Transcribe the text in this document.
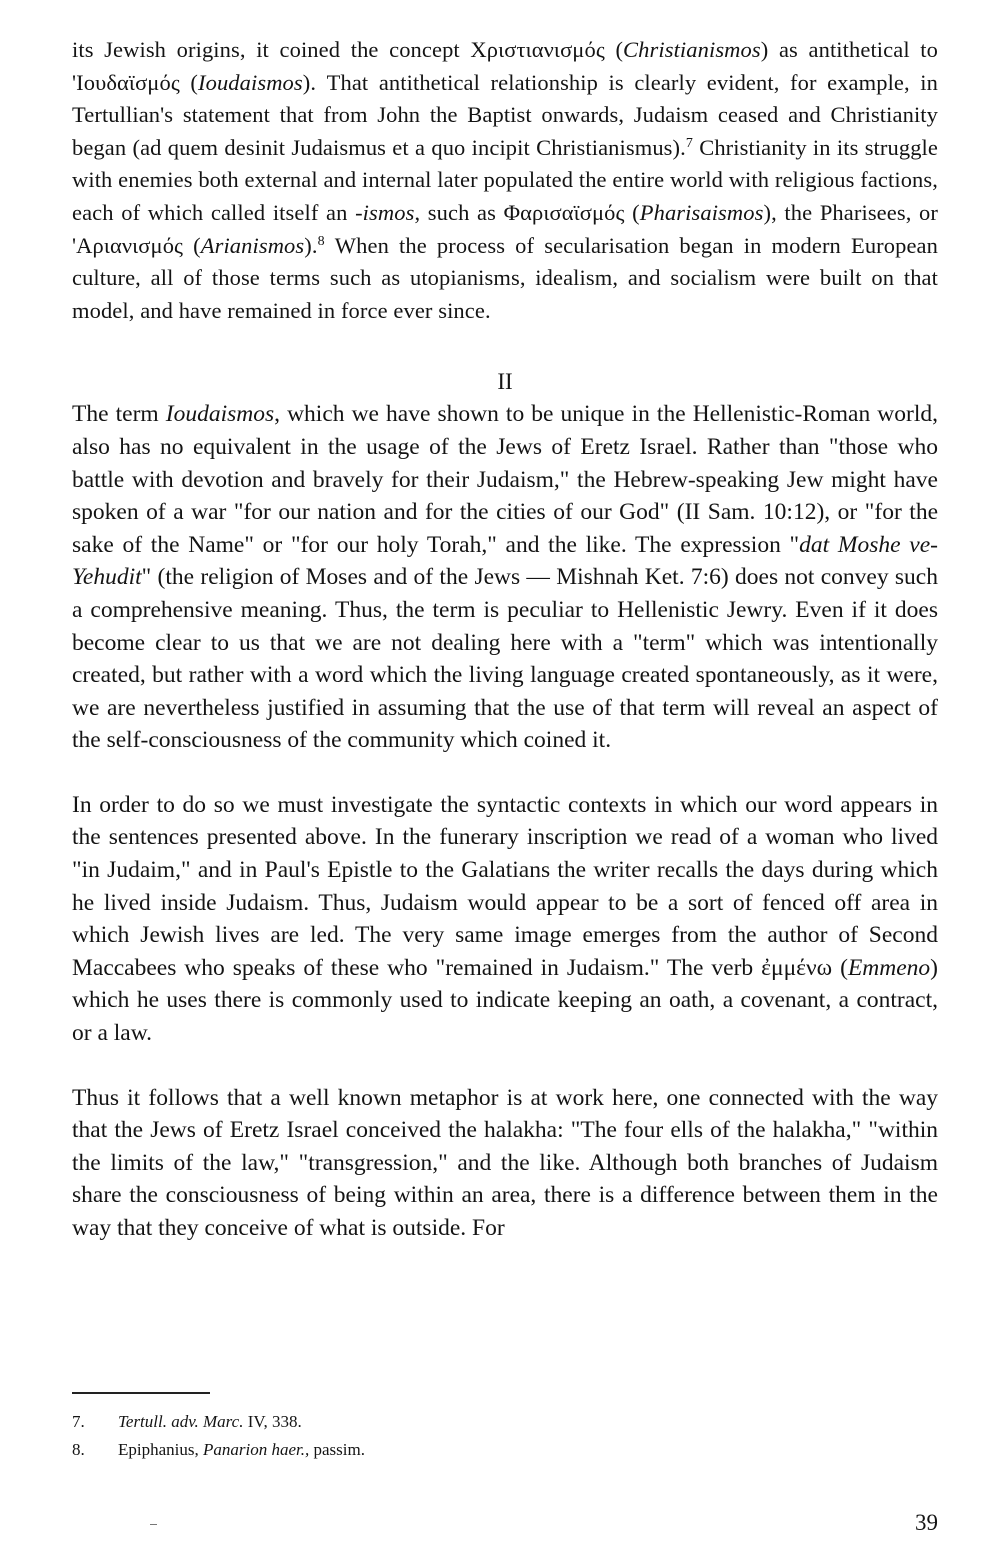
its Jewish origins, it coined the concept Χριστιανισμός (Christianismos) as antithetical to 'Ιουδαϊσμός (Ioudaismos). That antithetical relationship is clearly evident, for example, in Tertullian's statement that from John the Baptist onwards, Judaism ceased and Christianity began (ad quem desinit Judaismus et a quo incipit Christianismus).$^7$ Christianity in its struggle with enemies both external and internal later populated the entire world with religious factions, each of which called itself an -ismos, such as Φαρισαϊσμός (Pharisaismos), the Pharisees, or 'Αριανισμός (Arianismos).$^8$ When the process of secularisation began in modern European culture, all of those terms such as utopianisms, idealism, and socialism were built on that model, and have remained in force ever since.

II

The term Ioudaismos, which we have shown to be unique in the Hellenistic-Roman world, also has no equivalent in the usage of the Jews of Eretz Israel. Rather than "those who battle with devotion and bravely for their Judaism," the Hebrew-speaking Jew might have spoken of a war "for our nation and for the cities of our God" (II Sam. 10:12), or "for the sake of the Name" or "for our holy Torah," and the like. The expression "dat Moshe ve-Yehudit" (the religion of Moses and of the Jews — Mishnah Ket. 7:6) does not convey such a comprehensive meaning. Thus, the term is peculiar to Hellenistic Jewry. Even if it does become clear to us that we are not dealing here with a "term" which was intentionally created, but rather with a word which the living language created spontaneously, as it were, we are nevertheless justified in assuming that the use of that term will reveal an aspect of the self-consciousness of the community which coined it.

In order to do so we must investigate the syntactic contexts in which our word appears in the sentences presented above. In the funerary inscription we read of a woman who lived "in Judaim," and in Paul's Epistle to the Galatians the writer recalls the days during which he lived inside Judaism. Thus, Judaism would appear to be a sort of fenced off area in which Jewish lives are led. The very same image emerges from the author of Second Maccabees who speaks of these who "remained in Judaism." The verb ἐμμένω (Emmeno) which he uses there is commonly used to indicate keeping an oath, a covenant, a contract, or a law.

Thus it follows that a well known metaphor is at work here, one connected with the way that the Jews of Eretz Israel conceived the halakha: "The four ells of the halakha," "within the limits of the law," "transgression," and the like. Although both branches of Judaism share the consciousness of being within an area, there is a difference between them in the way that they conceive of what is outside. For

7.	Tertull. adv. Marc. IV, 338.
8.	Epiphanius, Panarion haer., passim.
39
